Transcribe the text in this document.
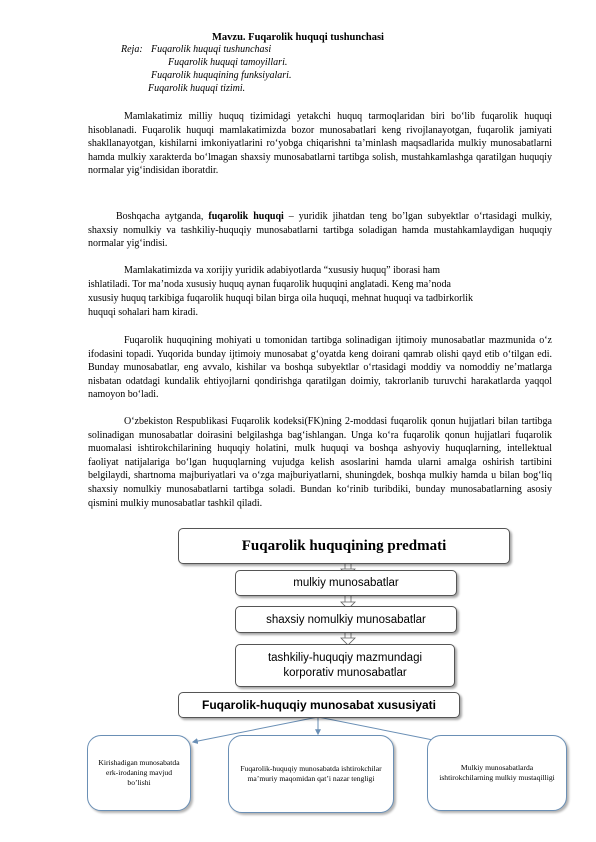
Mavzu. Fuqarolik huquqi tushunchasi
Reja: Fuqarolik huquqi tushunchasi
Fuqarolik huquqi tamoyillari.
Fuqarolik huquqining funksiyalari.
Fuqarolik huquqi tizimi.
Mamlakatimiz milliy huquq tizimidagi yetakchi huquq tarmoqlaridan biri bo‘lib fuqarolik huquqi hisoblanadi. Fuqarolik huquqi mamlakatimizda bozor munosabatlari keng rivojlanayotgan, fuqarolik jamiyati shakllanayotgan, kishilarni imkoniyatlarini ro‘yobga chiqarishni ta’minlash maqsadlarida mulkiy munosabatlarni hamda mulkiy xarakterda bo‘lmagan shaxsiy munosabatlarni tartibga solish, mustahkamlashga qaratilgan huquqiy normalar yig‘indisidan iboratdir.
Boshqacha aytganda, fuqarolik huquqi – yuridik jihatdan teng bo’lgan subyektlar o‘rtasidagi mulkiy, shaxsiy nomulkiy va tashkiliy-huquqiy munosabatlarni tartibga soladigan hamda mustahkamlaydigan huquqiy normalar yig‘indisi.
Mamlakatimizda va xorijiy yuridik adabiyotlarda “xususiy huquq” iborasi ham
ishlatiladi. Tor ma’noda xususiy huquq aynan fuqarolik huquqini anglatadi. Keng ma’noda
xususiy huquq tarkibiga fuqarolik huquqi bilan birga oila huquqi, mehnat huquqi va tadbirkorlik
huquqi sohalari ham kiradi.
Fuqarolik huquqining mohiyati u tomonidan tartibga solinadigan ijtimoiy munosabatlar mazmunida o‘z ifodasini topadi. Yuqorida bunday ijtimoiy munosabat g‘oyatda keng doirani qamrab olishi qayd etib o‘tilgan edi. Bunday munosabatlar, eng avvalo, kishilar va boshqa subyektlar o‘rtasidagi moddiy va nomoddiy ne’matlarga nisbatan odatdagi kundalik ehtiyojlarni qondirishga qaratilgan doimiy, takrorlanib turuvchi harakatlarda yaqqol namoyon bo‘ladi.
O‘zbekiston Respublikasi Fuqarolik kodeksi(FK)ning 2-moddasi fuqarolik qonun hujjatlari bilan tartibga solinadigan munosabatlar doirasini belgilashga bag‘ishlangan. Unga ko‘ra fuqarolik qonun hujjatlari fuqarolik muomalasi ishtirokchilarining huquqiy holatini, mulk huquqi va boshqa ashyoviy huquqlarning, intellektual faoliyat natijalariga bo‘lgan huquqlarning vujudga kelish asoslarini hamda ularni amalga oshirish tartibini belgilaydi, shartnoma majburiyatlari va o‘zga majburiyatlarni, shuningdek, boshqa mulkiy hamda u bilan bog‘liq shaxsiy nomulkiy munosabatlarni tartibga soladi. Bundan ko‘rinib turibdiki, bunday munosabatlarning asosiy qismini mulkiy munosabatlar tashkil qiladi.
Fuqarolik huquqining predmati
mulkiy munosabatlar
shaxsiy nomulkiy munosabatlar
tashkiliy-huquqiy mazmundagi korporativ munosabatlar
Fuqarolik-huquqiy munosabat xususiyati
Kirishadigan munosabatda erk-irodaning mavjud bo’lishi
Fuqarolik-huquqiy munosabatda ishtirokchilar ma’muriy maqomidan qat’i nazar tengligi
Mulkiy munosabatlarda ishtirokchilarning mulkiy mustaqilligi
